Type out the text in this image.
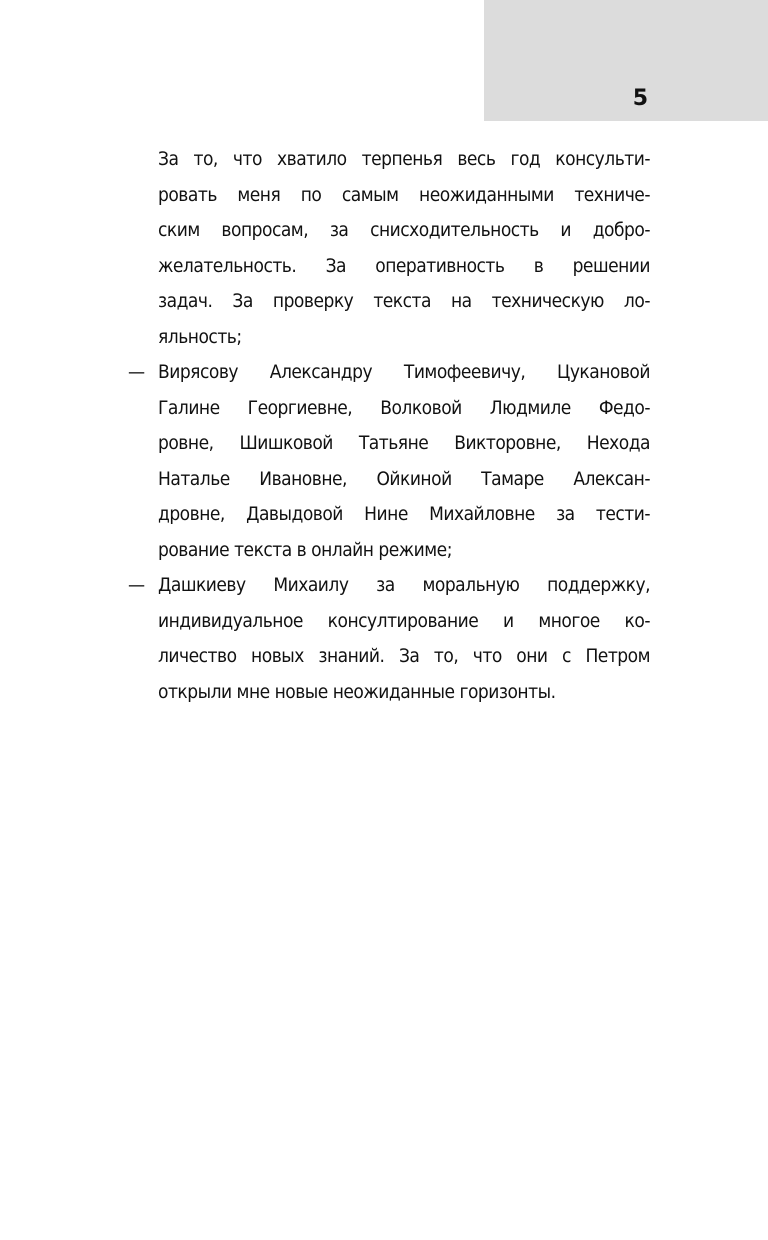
5

За то, что хватило терпенья весь год консульти-
ровать меня по самым неожиданными техниче-
ским вопросам, за снисходительность и добро-
желательность. За оперативность в решении
задач. За проверку текста на техническую ло-
яльность;

— Вирясову Александру Тимофеевичу, Цукановой
Галине Георгиевне, Волковой Людмиле Федо-
ровне, Шишковой Татьяне Викторовне, Нехода
Наталье Ивановне, Ойкиной Тамаре Алексан-
дровне, Давыдовой Нине Михайловне за тести-
рование текста в онлайн режиме;

— Дашкиеву Михаилу за моральную поддержку,
индивидуальное консултирование и многое ко-
личество новых знаний. За то, что они с Петром
открыли мне новые неожиданные горизонты.
